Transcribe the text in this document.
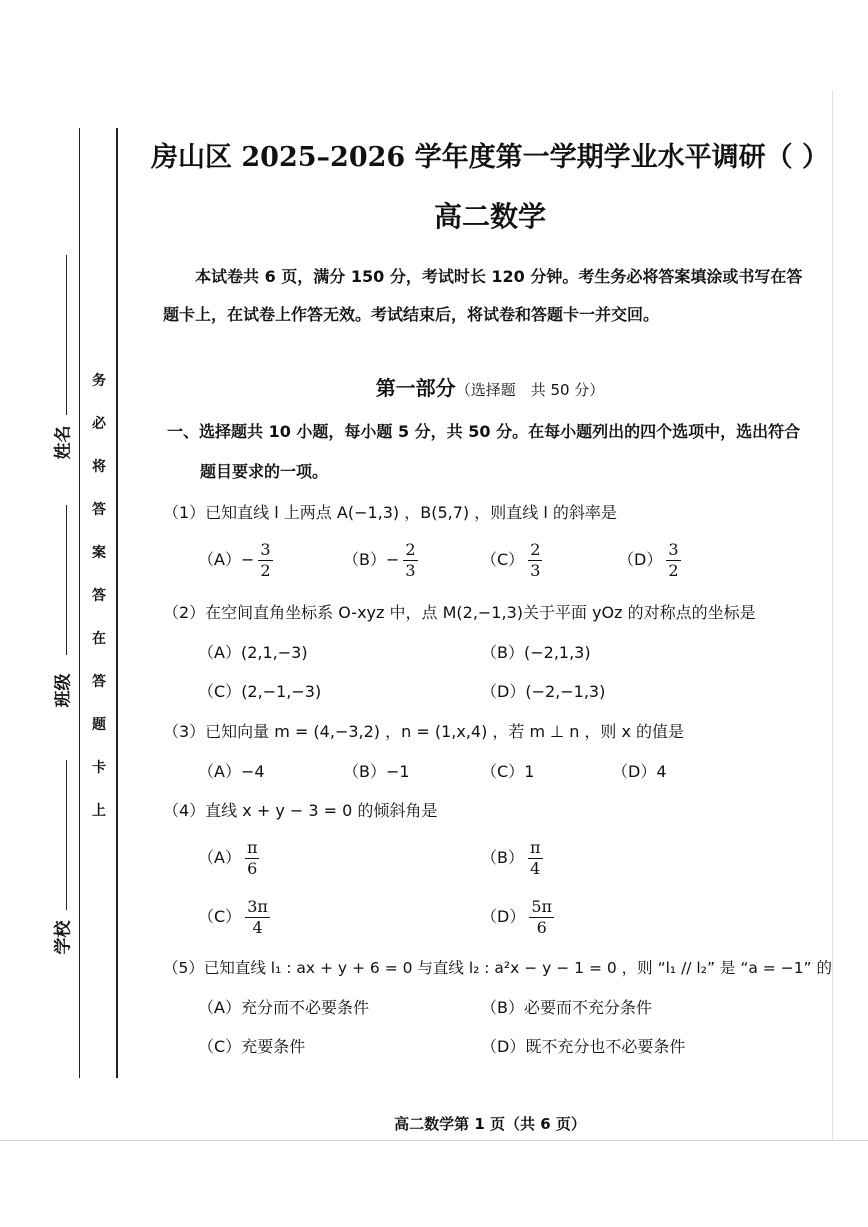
姓名
班级
学校
务
必
将
答
案
答
在
答
题
卡
上
房山区 2025–2026 学年度第一学期学业水平调研（ ）
高二数学
本试卷共 6 页，满分 150 分，考试时长 120 分钟。考生务必将答案填涂或书写在答题卡上，在试卷上作答无效。考试结束后，将试卷和答题卡一并交回。
第一部分（选择题　共 50 分）
一、选择题共 10 小题，每小题 5 分，共 50 分。在每小题列出的四个选项中，选出符合
题目要求的一项。
（1）已知直线 l 上两点 A(−1,3) ，B(5,7) ，则直线 l 的斜率是
$(A)- \frac{3}{2}$	$(B)- \frac{2}{3}$	$(C) \frac{2}{3}$	$(D) \frac{3}{2}$
（2）在空间直角坐标系 O-xyz 中，点 M(2,−1,3)关于平面 yOz 的对称点的坐标是
（A）(2,1,−3)	（B）(−2,1,3)
（C）(2,−1,−3)	（D）(−2,−1,3)
（3）已知向量 m = (4,−3,2) ，n = (1,x,4) ，若 m ⊥ n ，则 x 的值是
（A）−4	（B）−1	（C）1	（D）4
（4）直线 x + y − 3 = 0 的倾斜角是
$(A) \frac{\pi}{6}$	$(B) \frac{\pi}{4}$
$(C) \frac{3\pi}{4}$	$(D) \frac{5\pi}{6}$
（5）已知直线 l₁ : ax + y + 6 = 0 与直线 l₂ : a²x − y − 1 = 0 ，则 “l₁ // l₂” 是 “a = −1” 的
（A）充分而不必要条件	（B）必要而不充分条件
（C）充要条件	（D）既不充分也不必要条件
高二数学第 1 页（共 6 页）
